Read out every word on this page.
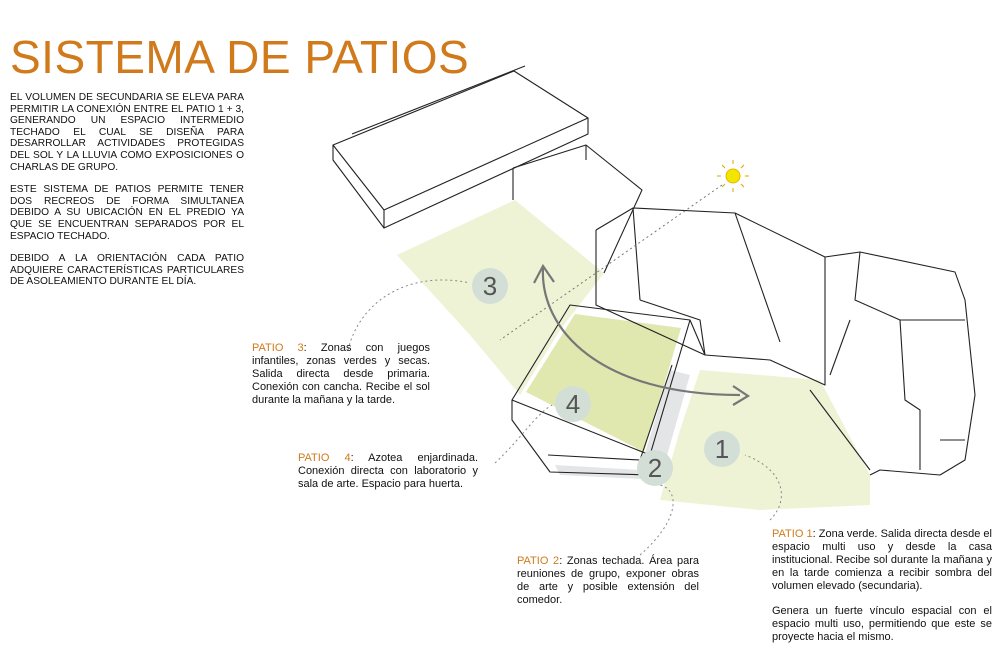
SISTEMA DE PATIOS

EL VOLUMEN DE SECUNDARIA SE ELEVA PARA PERMITIR LA CONEXIÓN ENTRE EL PATIO 1 + 3, GENERANDO UN ESPACIO INTERMEDIO TECHADO EL CUAL SE DISEÑA PARA DESARROLLAR ACTIVIDADES PROTEGIDAS DEL SOL Y LA LLUVIA COMO EXPOSICIONES O CHARLAS DE GRUPO.

ESTE SISTEMA DE PATIOS PERMITE TENER DOS RECREOS DE FORMA SIMULTANEA DEBIDO A SU UBICACIÓN EN EL PREDIO YA QUE SE ENCUENTRAN SEPARADOS POR EL ESPACIO TECHADO.

DEBIDO A LA ORIENTACIÓN CADA PATIO ADQUIERE CARACTERÍSTICAS PARTICULARES DE ASOLEAMIENTO DURANTE EL DÍA.	3
4
2
1

PATIO 3: Zonas con juegos infantiles, zonas verdes y secas. Salida directa desde primaria. Conexión con cancha. Recibe el sol durante la mañana y la tarde.

PATIO 4: Azotea enjardinada. Conexión directa con laboratorio y sala de arte. Espacio para huerta.

PATIO 2: Zonas techada. Área para reuniones de grupo, exponer obras de arte y posible extensión del comedor.

PATIO 1: Zona verde. Salida directa desde el espacio multi uso y desde la casa institucional. Recibe sol durante la mañana y en la tarde comienza a recibir sombra del volumen elevado (secundaria).

Genera un fuerte vínculo espacial con el espacio multi uso, permitiendo que este se proyecte hacia el mismo.
